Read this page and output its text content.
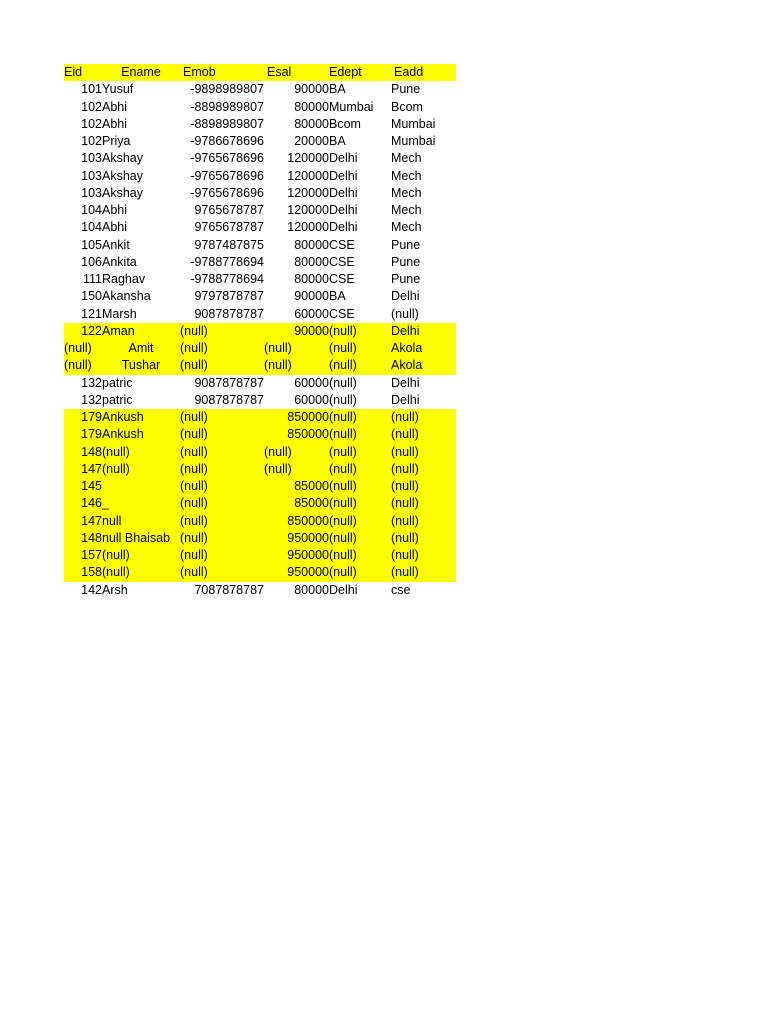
Eid	Ename	Emob	Esal	Edept	Eadd
101	Yusuf	-9898989807	90000	BA	Pune
102	Abhi	-8898989807	80000	Mumbai	Bcom
102	Abhi	-8898989807	80000	Bcom	Mumbai
102	Priya	-9786678696	20000	BA	Mumbai
103	Akshay	-9765678696	120000	Delhi	Mech
103	Akshay	-9765678696	120000	Delhi	Mech
103	Akshay	-9765678696	120000	Delhi	Mech
104	Abhi	9765678787	120000	Delhi	Mech
104	Abhi	9765678787	120000	Delhi	Mech
105	Ankit	9787487875	80000	CSE	Pune
106	Ankita	-9788778694	80000	CSE	Pune
111	Raghav	-9788778694	80000	CSE	Pune
150	Akansha	9797878787	90000	BA	Delhi
121	Marsh	9087878787	60000	CSE	(null)
122	Aman	(null)	90000	(null)	Delhi
(null)	Amit	(null)	(null)	(null)	Akola
(null)	Tushar	(null)	(null)	(null)	Akola
132	patric	9087878787	60000	(null)	Delhi
132	patric	9087878787	60000	(null)	Delhi
179	Ankush	(null)	850000	(null)	(null)
179	Ankush	(null)	850000	(null)	(null)
148	(null)	(null)	(null)	(null)	(null)
147	(null)	(null)	(null)	(null)	(null)
145		(null)	85000	(null)	(null)
146	_	(null)	85000	(null)	(null)
147	null	(null)	850000	(null)	(null)
148	null Bhaisab	(null)	950000	(null)	(null)
157	(null)	(null)	950000	(null)	(null)
158	(null)	(null)	950000	(null)	(null)
142	Arsh	7087878787	80000	Delhi	cse
